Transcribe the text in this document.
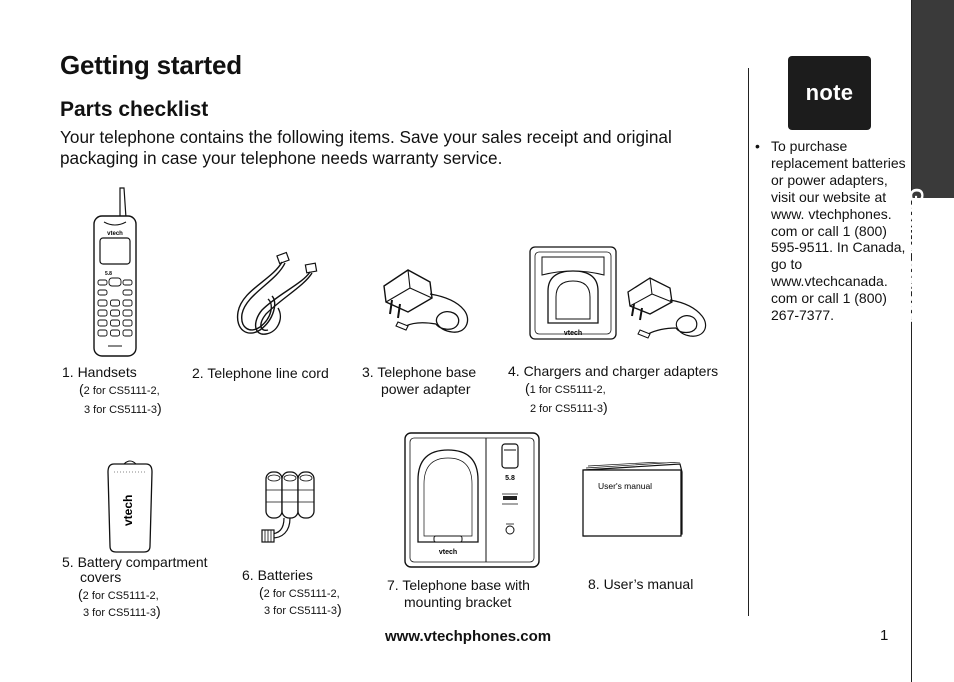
Getting started
Parts checklist
Your telephone contains the following items. Save your sales receipt and original packaging in case your telephone needs warranty service.
Getting started
note
• To purchase replacement batteries or power adapters, visit our website at www. vtechphones. com or call 1 (800) 595-9511. In Canada, go to www.vtechcanada. com or call 1 (800) 267-7377.
vtech
5.8
vtech
vtech
vtech
5.8
User's manual
1. Handsets
(2 for CS5111-2,
3 for CS5111-3)
2. Telephone line cord 3. Telephone base
power adapter
4. Chargers and charger adapters
(1 for CS5111-2,
2 for CS5111-3)
5. Battery compartment
covers
(2 for CS5111-2,
3 for CS5111-3)
6. Batteries
(2 for CS5111-2,
3 for CS5111-3)
7. Telephone base with
mounting bracket
8. User’s manual
www.vtechphones.com	1
